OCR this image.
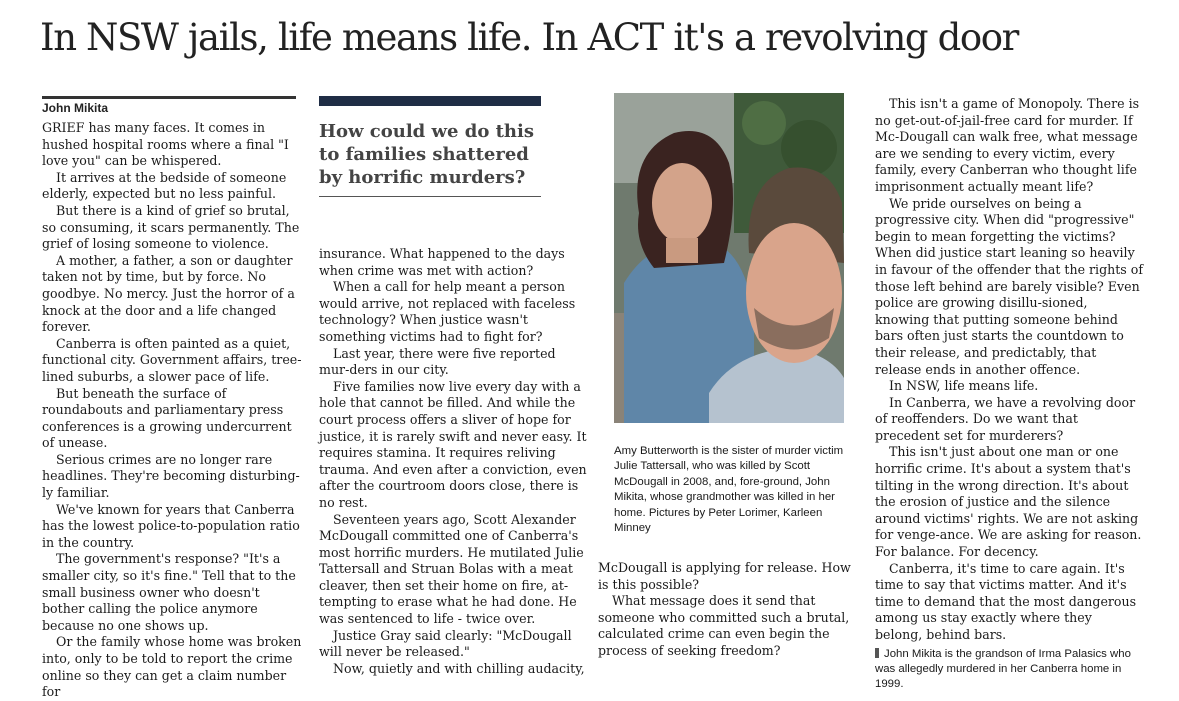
In NSW jails, life means life. In ACT it's a revolving door
John Mikita

GRIEF has many faces. It comes in hushed hospital rooms where a final "I love you" can be whispered.

It arrives at the bedside of someone elderly, expected but no less painful.

But there is a kind of grief so brutal, so consuming, it scars permanently. The grief of losing someone to violence.

A mother, a father, a son or daughter taken not by time, but by force. No goodbye. No mercy. Just the horror of a knock at the door and a life changed forever.

Canberra is often painted as a quiet, functional city. Government affairs, tree-lined suburbs, a slower pace of life.

But beneath the surface of roundabouts and parliamentary press conferences is a growing undercurrent of unease.

Serious crimes are no longer rare headlines. They're becoming disturbing-ly familiar.

We've known for years that Canberra has the lowest police-to-population ratio in the country.

The government's response? "It's a smaller city, so it's fine." Tell that to the small business owner who doesn't bother calling the police anymore because no one shows up.

Or the family whose home was broken into, only to be told to report the crime online so they can get a claim number for

How could we do this to families shattered by horrific murders?

insurance. What happened to the days when crime was met with action?

When a call for help meant a person would arrive, not replaced with faceless technology? When justice wasn't something victims had to fight for?

Last year, there were five reported mur-ders in our city.

Five families now live every day with a hole that cannot be filled. And while the court process offers a sliver of hope for justice, it is rarely swift and never easy. It requires stamina. It requires reliving trauma. And even after a conviction, even after the courtroom doors close, there is no rest.

Seventeen years ago, Scott Alexander McDougall committed one of Canberra's most horrific murders. He mutilated Julie Tattersall and Struan Bolas with a meat cleaver, then set their home on fire, at-tempting to erase what he had done. He was sentenced to life - twice over.

Justice Gray said clearly: "McDougall will never be released."

Now, quietly and with chilling audacity,

Amy Butterworth is the sister of murder victim Julie Tattersall, who was killed by Scott McDougall in 2008, and, fore-ground, John Mikita, whose grandmother was killed in her home. Pictures by Peter Lorimer, Karleen Minney

McDougall is applying for release. How is this possible?

What message does it send that someone who committed such a brutal, calculated crime can even begin the process of seeking freedom?

This isn't a game of Monopoly. There is no get-out-of-jail-free card for murder. If Mc-Dougall can walk free, what message are we sending to every victim, every family, every Canberran who thought life imprisonment actually meant life?

We pride ourselves on being a progressive city. When did "progressive" begin to mean forgetting the victims? When did justice start leaning so heavily in favour of the offender that the rights of those left behind are barely visible? Even police are growing disillu-sioned, knowing that putting someone behind bars often just starts the countdown to their release, and predictably, that release ends in another offence.

In NSW, life means life.

In Canberra, we have a revolving door of reoffenders. Do we want that precedent set for murderers?

This isn't just about one man or one horrific crime. It's about a system that's tilting in the wrong direction. It's about the erosion of justice and the silence around victims' rights. We are not asking for venge-ance. We are asking for reason. For balance. For decency.

Canberra, it's time to care again. It's time to say that victims matter. And it's time to demand that the most dangerous among us stay exactly where they belong, behind bars.

John Mikita is the grandson of Irma Palasics who was allegedly murdered in her Canberra home in 1999.
